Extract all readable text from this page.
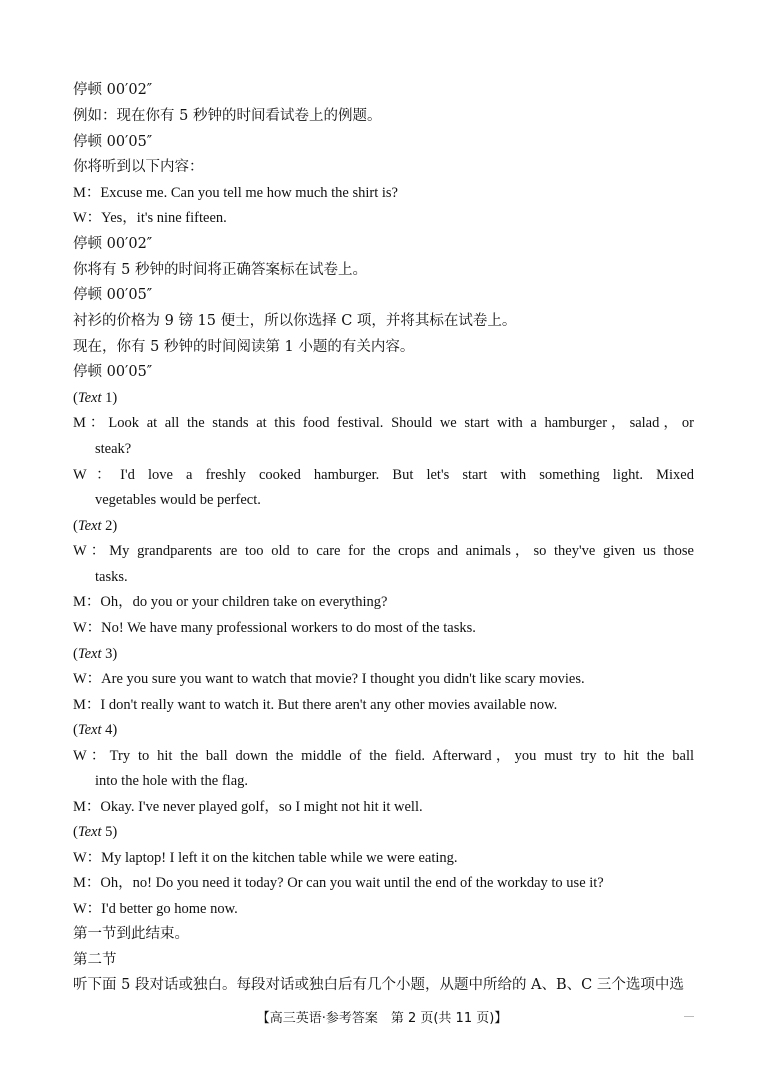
停顿 00′02″
例如：现在你有 5 秒钟的时间看试卷上的例题。
停顿 00′05″
你将听到以下内容：
M：Excuse me. Can you tell me how much the shirt is?
W：Yes，it's nine fifteen.
停顿 00′02″
你将有 5 秒钟的时间将正确答案标在试卷上。
停顿 00′05″
衬衫的价格为 9 镑 15 便士，所以你选择 C 项，并将其标在试卷上。
现在，你有 5 秒钟的时间阅读第 1 小题的有关内容。
停顿 00′05″
(Text 1)
M：Look at all the stands at this food festival. Should we start with a hamburger，salad，or
steak?
W：I'd love a freshly cooked hamburger. But let's start with something light. Mixed
vegetables would be perfect.
(Text 2)
W：My grandparents are too old to care for the crops and animals，so they've given us those
tasks.
M：Oh，do you or your children take on everything?
W：No! We have many professional workers to do most of the tasks.
(Text 3)
W：Are you sure you want to watch that movie? I thought you didn't like scary movies.
M：I don't really want to watch it. But there aren't any other movies available now.
(Text 4)
W：Try to hit the ball down the middle of the field. Afterward，you must try to hit the ball
into the hole with the flag.
M：Okay. I've never played golf，so I might not hit it well.
(Text 5)
W：My laptop! I left it on the kitchen table while we were eating.
M：Oh，no! Do you need it today? Or can you wait until the end of the workday to use it?
W：I'd better go home now.
第一节到此结束。
第二节
听下面 5 段对话或独白。每段对话或独白后有几个小题，从题中所给的 A、B、C 三个选项中选
【高三英语·参考答案　第 2 页(共 11 页)】
